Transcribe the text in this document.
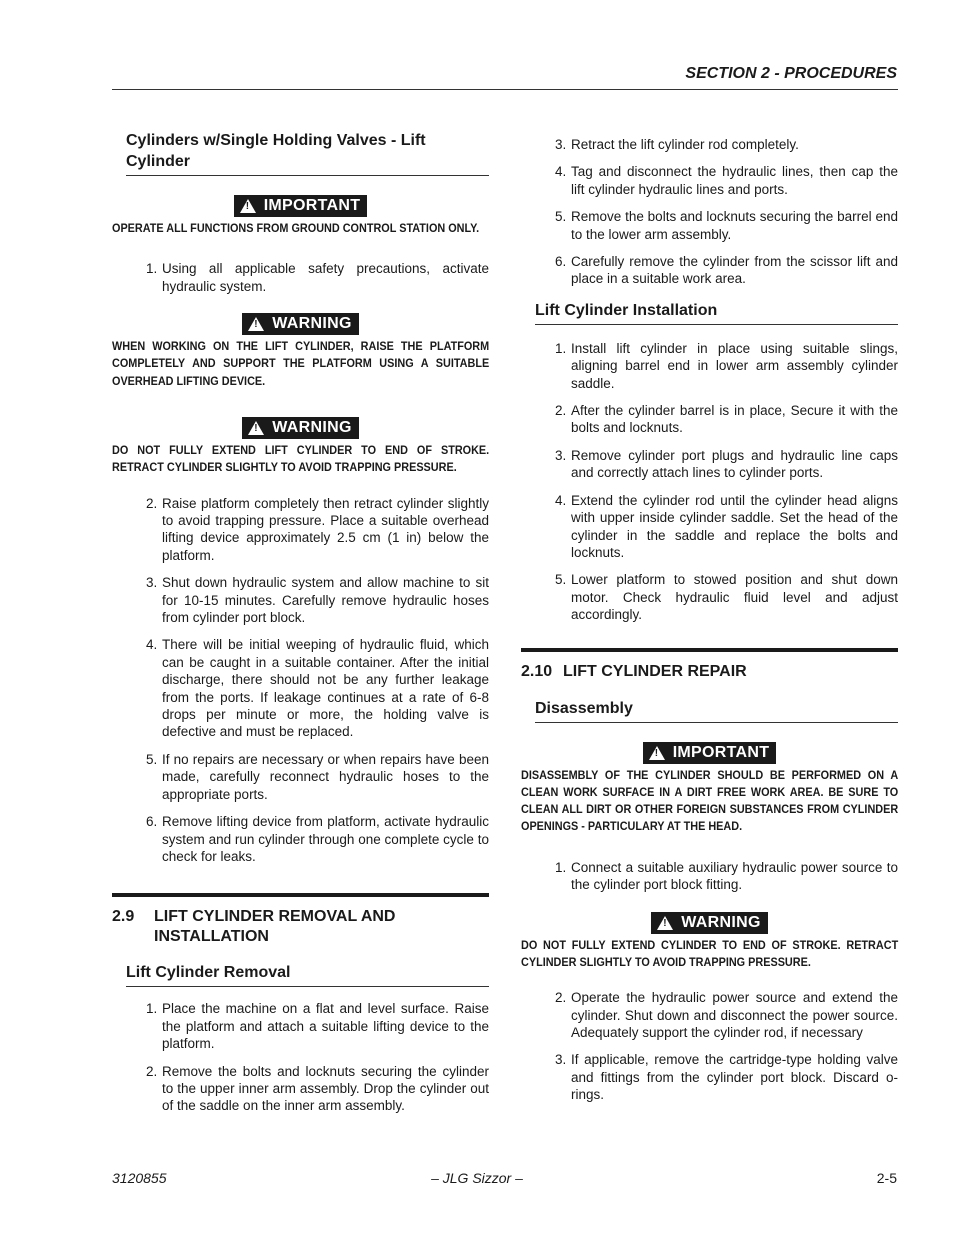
SECTION 2 - PROCEDURES
Cylinders w/Single Holding Valves - Lift Cylinder
!
IMPORTANT

OPERATE ALL FUNCTIONS FROM GROUND CONTROL STATION ONLY.

1. Using all applicable safety precautions, activate hydraulic system.
!
WARNING

WHEN WORKING ON THE LIFT CYLINDER, RAISE THE PLATFORM COMPLETELY AND SUPPORT THE PLATFORM USING A SUITABLE OVERHEAD LIFTING DEVICE.

!
WARNING

DO NOT FULLY EXTEND LIFT CYLINDER TO END OF STROKE. RETRACT CYLINDER SLIGHTLY TO AVOID TRAPPING PRESSURE.

2. Raise platform completely then retract cylinder slightly to avoid trapping pressure. Place a suitable overhead lifting device approximately 2.5 cm (1 in) below the platform.
3. Shut down hydraulic system and allow machine to sit for 10-15 minutes. Carefully remove hydraulic hoses from cylinder port block.
4. There will be initial weeping of hydraulic fluid, which can be caught in a suitable container. After the initial discharge, there should not be any further leakage from the ports. If leakage continues at a rate of 6-8 drops per minute or more, the holding valve is defective and must be replaced.
5. If no repairs are necessary or when repairs have been made, carefully reconnect hydraulic hoses to the appropriate ports.
6. Remove lifting device from platform, activate hydraulic system and run cylinder through one complete cycle to check for leaks.
2.9	LIFT CYLINDER REMOVAL AND INSTALLATION
Lift Cylinder Removal
1. Place the machine on a flat and level surface. Raise the platform and attach a suitable lifting device to the platform.
2. Remove the bolts and locknuts securing the cylinder to the upper inner arm assembly. Drop the cylinder out of the saddle on the inner arm assembly.
3. Retract the lift cylinder rod completely.
4. Tag and disconnect the hydraulic lines, then cap the lift cylinder hydraulic lines and ports.
5. Remove the bolts and locknuts securing the barrel end to the lower arm assembly.
6. Carefully remove the cylinder from the scissor lift and place in a suitable work area.
Lift Cylinder Installation
1. Install lift cylinder in place using suitable slings, aligning barrel end in lower arm assembly cylinder saddle.
2. After the cylinder barrel is in place, Secure it with the bolts and locknuts.
3. Remove cylinder port plugs and hydraulic line caps and correctly attach lines to cylinder ports.
4. Extend the cylinder rod until the cylinder head aligns with upper inside cylinder saddle. Set the head of the cylinder in the saddle and replace the bolts and locknuts.
5. Lower platform to stowed position and shut down motor. Check hydraulic fluid level and adjust accordingly.
2.10 LIFT CYLINDER REPAIR
Disassembly
!
IMPORTANT

DISASSEMBLY OF THE CYLINDER SHOULD BE PERFORMED ON A CLEAN WORK SURFACE IN A DIRT FREE WORK AREA. BE SURE TO CLEAN ALL DIRT OR OTHER FOREIGN SUBSTANCES FROM CYLINDER OPENINGS - PARTICULARY AT THE HEAD.

1. Connect a suitable auxiliary hydraulic power source to the cylinder port block fitting.
!
WARNING

DO NOT FULLY EXTEND CYLINDER TO END OF STROKE. RETRACT CYLINDER SLIGHTLY TO AVOID TRAPPING PRESSURE.

2. Operate the hydraulic power source and extend the cylinder. Shut down and disconnect the power source. Adequately support the cylinder rod, if necessary
3. If applicable, remove the cartridge-type holding valve and fittings from the cylinder port block. Discard o-rings.
3120855	– JLG Sizzor –	2-5
